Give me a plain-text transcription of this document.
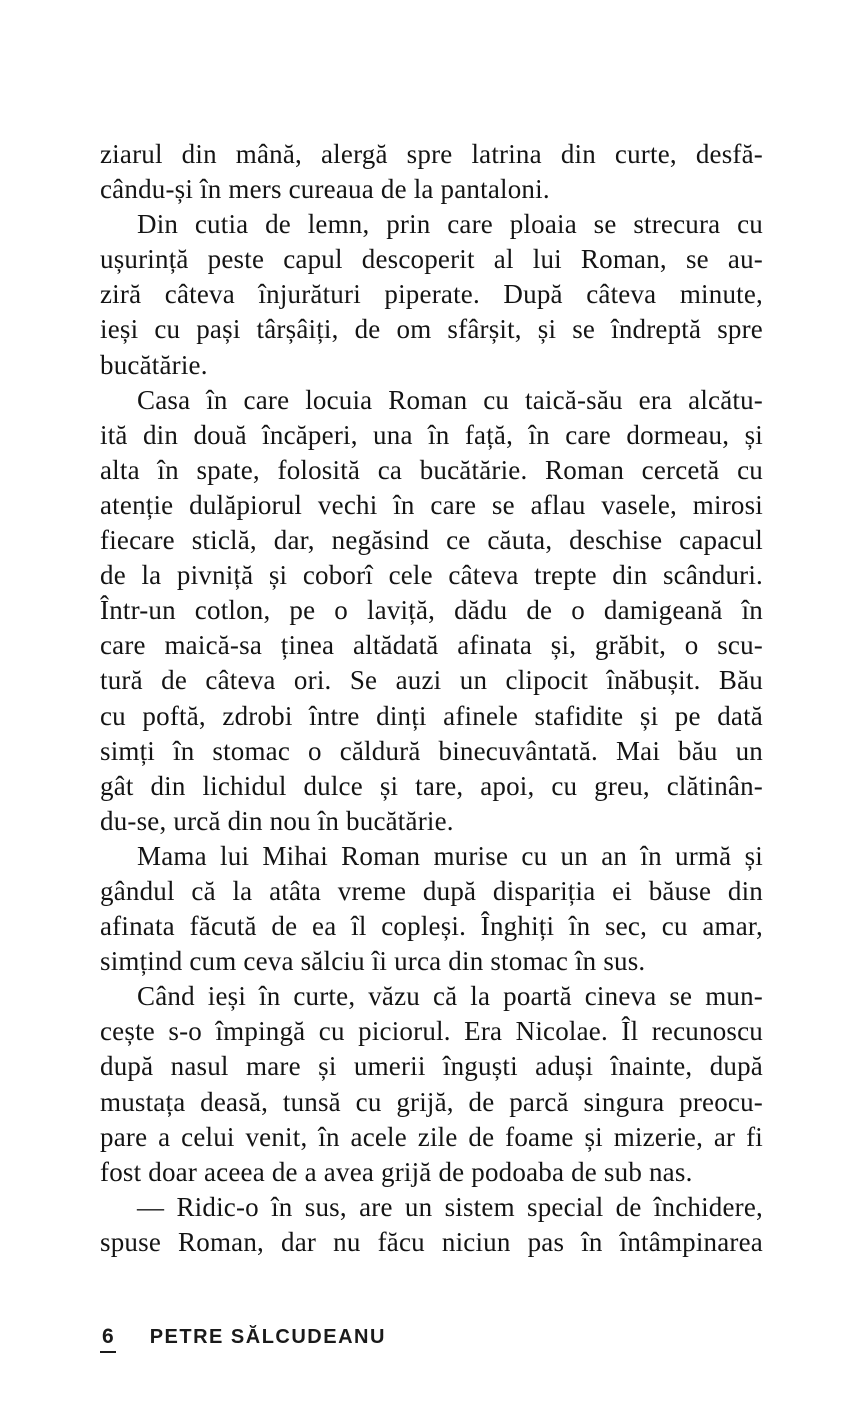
ziarul din mână, alergă spre latrina din curte, desfă-
cându-și în mers cureaua de la pantaloni.
Din cutia de lemn, prin care ploaia se strecura cu
ușurință peste capul descoperit al lui Roman, se au-
ziră câteva înjurături piperate. După câteva minute,
ieși cu pași târșâiți, de om sfârșit, și se îndreptă spre
bucătărie.
Casa în care locuia Roman cu taică-său era alcătu-
ită din două încăperi, una în față, în care dormeau, și
alta în spate, folosită ca bucătărie. Roman cercetă cu
atenție dulăpiorul vechi în care se aflau vasele, mirosi
fiecare sticlă, dar, negăsind ce căuta, deschise capacul
de la pivniță și coborî cele câteva trepte din scânduri.
Într-un cotlon, pe o laviță, dădu de o damigeană în
care maică-sa ținea altădată afinata și, grăbit, o scu-
tură de câteva ori. Se auzi un clipocit înăbușit. Bău
cu poftă, zdrobi între dinți afinele stafidite și pe dată
simți în stomac o căldură binecuvântată. Mai bău un
gât din lichidul dulce și tare, apoi, cu greu, clătinân-
du-se, urcă din nou în bucătărie.
Mama lui Mihai Roman murise cu un an în urmă și
gândul că la atâta vreme după dispariția ei băuse din
afinata făcută de ea îl copleși. Înghiți în sec, cu amar,
simțind cum ceva sălciu îi urca din stomac în sus.
Când ieși în curte, văzu că la poartă cineva se mun-
cește s-o împingă cu piciorul. Era Nicolae. Îl recunoscu
după nasul mare și umerii înguști aduși înainte, după
mustața deasă, tunsă cu grijă, de parcă singura preocu-
pare a celui venit, în acele zile de foame și mizerie, ar fi
fost doar aceea de a avea grijă de podoaba de sub nas.
— Ridic-o în sus, are un sistem special de închidere,
spuse Roman, dar nu făcu niciun pas în întâmpinarea
6 PETRE SĂLCUDEANU
